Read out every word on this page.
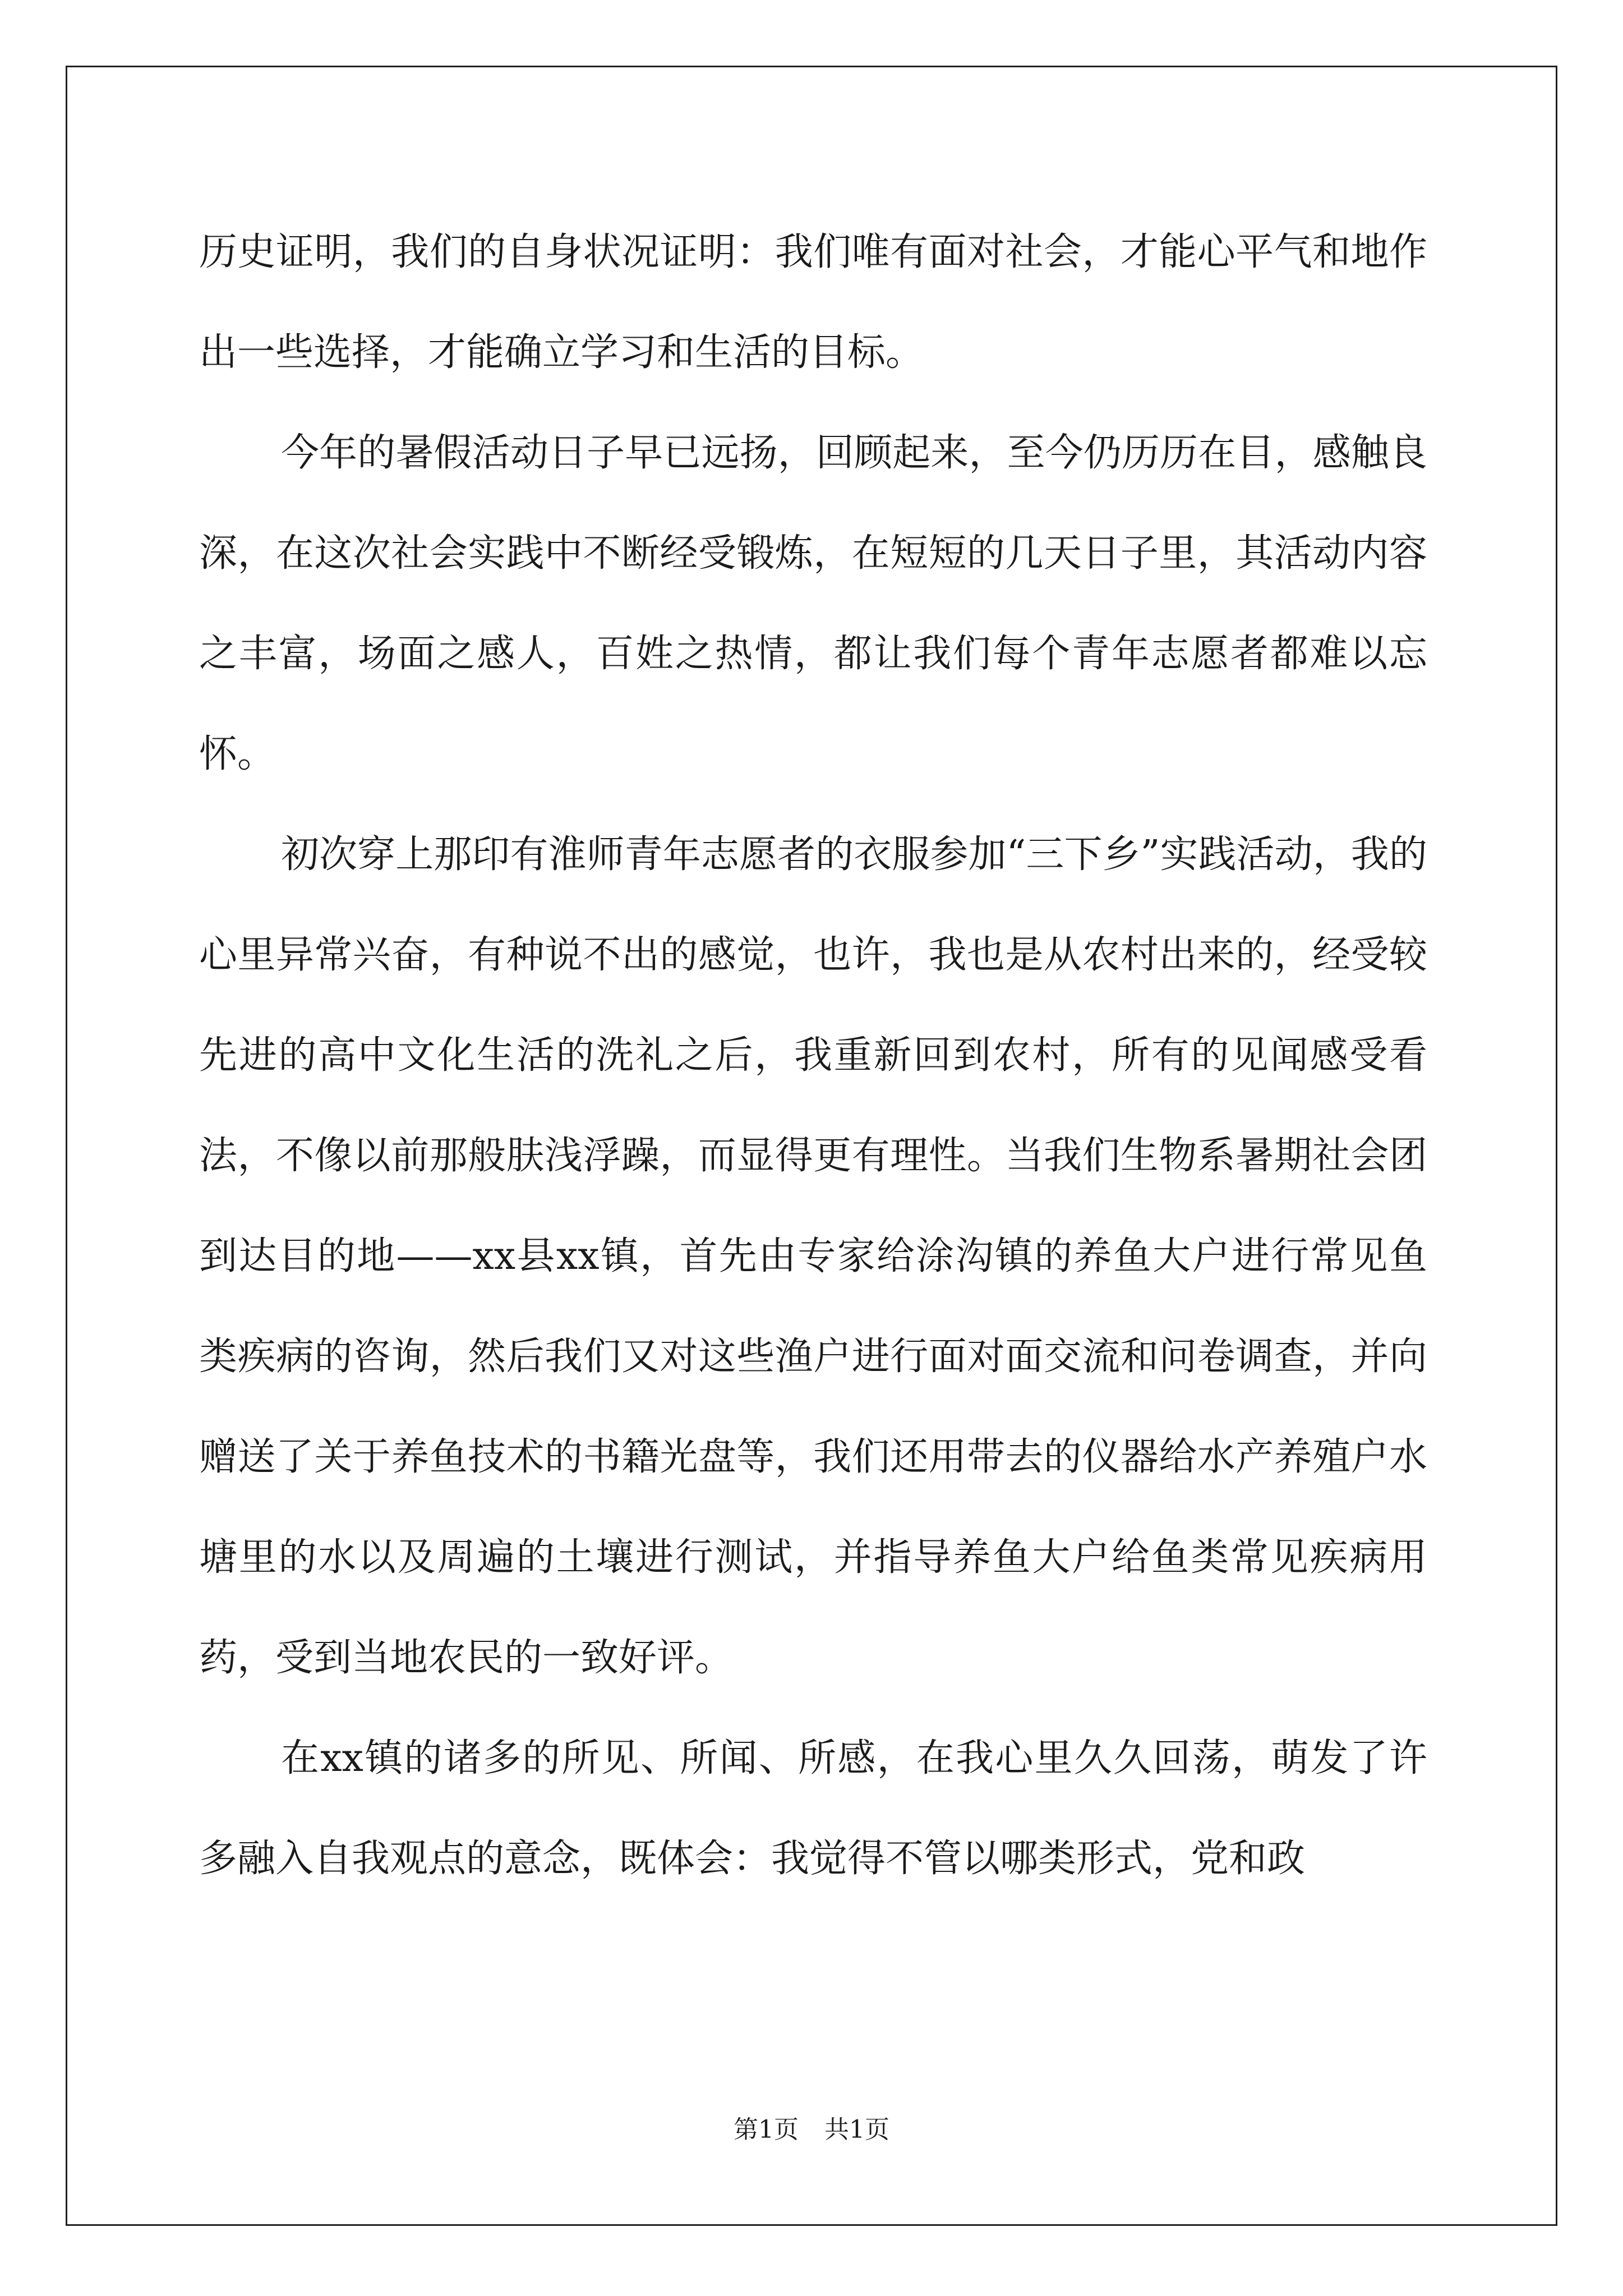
历史证明，我们的自身状况证明：我们唯有面对社会，才能心平气和地作出一些选择，才能确立学习和生活的目标。

今年的暑假活动日子早已远扬，回顾起来，至今仍历历在目，感触良深，在这次社会实践中不断经受锻炼，在短短的几天日子里，其活动内容之丰富，场面之感人，百姓之热情，都让我们每个青年志愿者都难以忘怀。

初次穿上那印有淮师青年志愿者的衣服参加“三下乡”实践活动，我的心里异常兴奋，有种说不出的感觉，也许，我也是从农村出来的，经受较先进的高中文化生活的洗礼之后，我重新回到农村，所有的见闻感受看法，不像以前那般肤浅浮躁，而显得更有理性。当我们生物系暑期社会团到达目的地——xx县xx镇，首先由专家给涂沟镇的养鱼大户进行常见鱼类疾病的咨询，然后我们又对这些渔户进行面对面交流和问卷调查，并向赠送了关于养鱼技术的书籍光盘等，我们还用带去的仪器给水产养殖户水塘里的水以及周遍的土壤进行测试，并指导养鱼大户给鱼类常见疾病用药，受到当地农民的一致好评。

在xx镇的诸多的所见、所闻、所感，在我心里久久回荡，萌发了许多融入自我观点的意念，既体会：我觉得不管以哪类形式，党和政

第1页 共1页
